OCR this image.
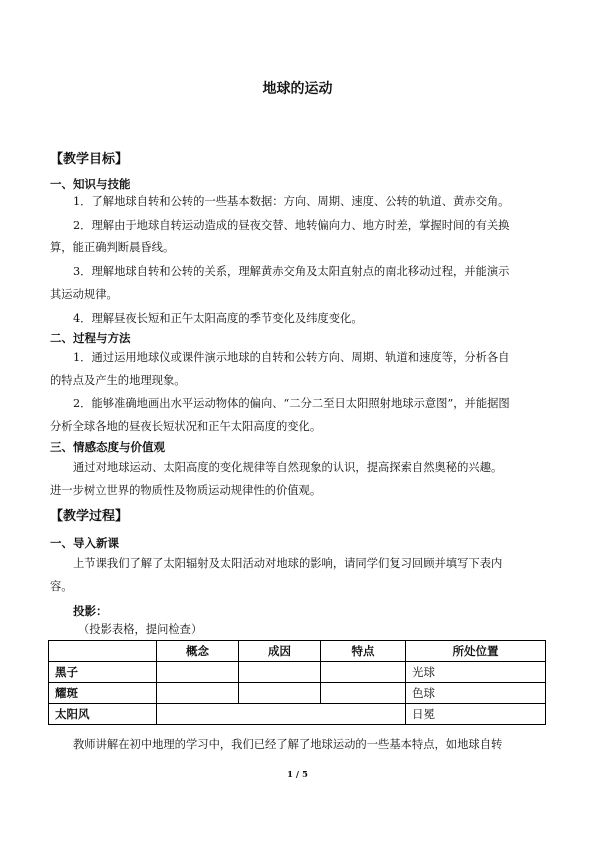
地球的运动
【教学目标】
一、知识与技能
1．了解地球自转和公转的一些基本数据：方向、周期、速度、公转的轨道、黄赤交角。
2．理解由于地球自转运动造成的昼夜交替、地转偏向力、地方时差，掌握时间的有关换
算，能正确判断晨昏线。
3．理解地球自转和公转的关系，理解黄赤交角及太阳直射点的南北移动过程，并能演示
其运动规律。
4．理解昼夜长短和正午太阳高度的季节变化及纬度变化。
二、过程与方法
1．通过运用地球仪或课件演示地球的自转和公转方向、周期、轨道和速度等，分析各自
的特点及产生的地理现象。
2．能够准确地画出水平运动物体的偏向、“二分二至日太阳照射地球示意图”，并能据图
分析全球各地的昼夜长短状况和正午太阳高度的变化。
三、情感态度与价值观
通过对地球运动、太阳高度的变化规律等自然现象的认识，提高探索自然奥秘的兴趣。
进一步树立世界的物质性及物质运动规律性的价值观。
【教学过程】
一、导入新课
上节课我们了解了太阳辐射及太阳活动对地球的影响，请同学们复习回顾并填写下表内
容。
投影：
（投影表格，提问检查）
	概念	成因	特点	所处位置
黑子				光球
耀斑				色球
太阳风				日冕
教师讲解在初中地理的学习中，我们已经了解了地球运动的一些基本特点，如地球自转
1 / 5
